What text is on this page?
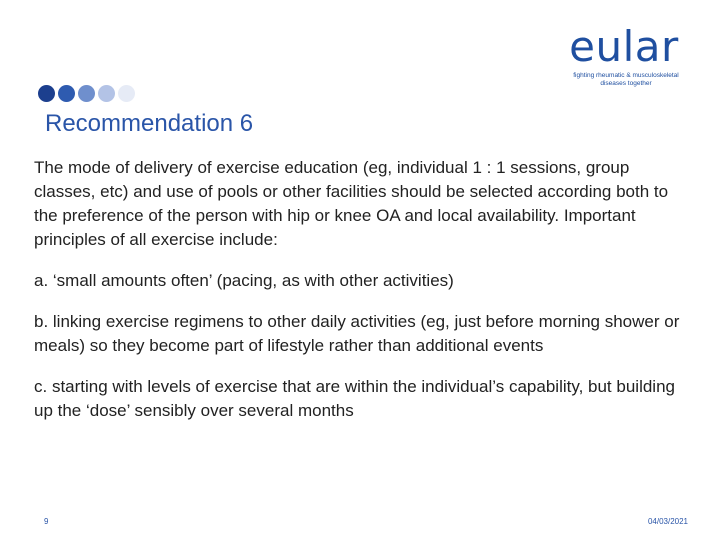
eular
fighting rheumatic & musculoskeletal
diseases together
Recommendation 6

The mode of delivery of exercise education (eg, individual 1 : 1 sessions, group classes, etc) and use of pools or other facilities should be selected according both to the preference of the person with hip or knee OA and local availability. Important principles of all exercise include:

a. ‘small amounts often’ (pacing, as with other activities)

b. linking exercise regimens to other daily activities (eg, just before morning shower or meals) so they become part of lifestyle rather than additional events

c. starting with levels of exercise that are within the individual’s capability, but building up the ‘dose’ sensibly over several months

9	04/03/2021
